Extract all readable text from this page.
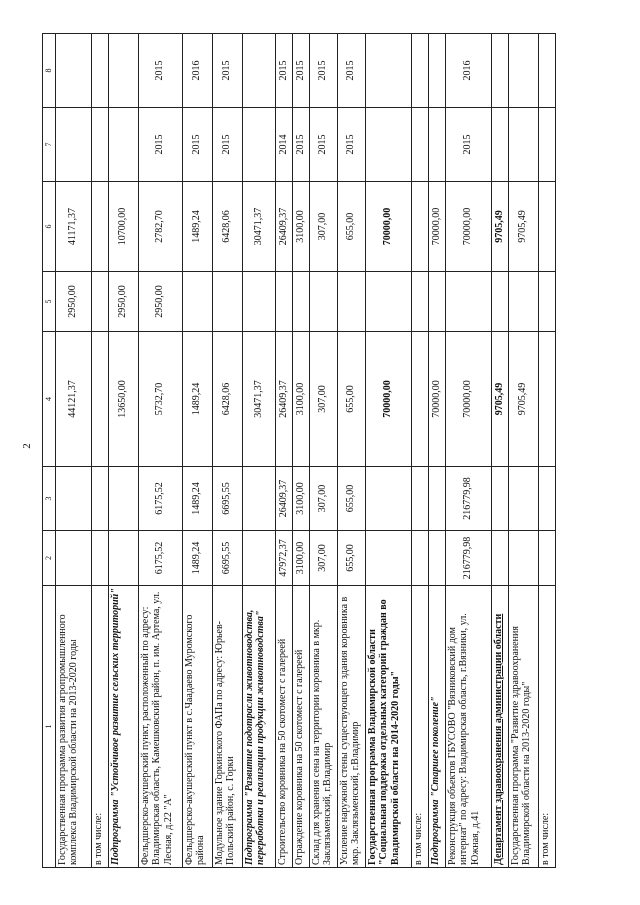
2
1	2	3	4	5	6	7	8
Государственная программа развития агропромышленного комплекса Владимирской области на 2013-2020 годы			44121,37	2950,00	41171,37		
в том числе:							
Подпрограмма "Устойчивое развитие сельских территорий"			13650,00	2950,00	10700,00		
Фельдшерско-акушерский пункт, расположенный по адресу: Владимирская область, Камешковский район, п. им. Артема, ул. Лесная, д.22 "А"	6175,52	6175,52	5732,70	2950,00	2782,70	2015	2015
Фельдшерско-акушерский пункт в с.Чаадаево Муромского района	1489,24	1489,24	1489,24		1489,24	2015	2016
Модульное здание Горкинского ФАПа по адресу: Юрьев-Польский район, с. Горки	6695,55	6695,55	6428,06		6428,06	2015	2015
Подпрограмма "Развитие подотрасли животноводства, переработки и реализации продукции животноводства"			30471,37		30471,37		
Строительство коровника на 50 скотомест с галереей	47972,37	26409,37	26409,37		26409,37	2014	2015
Ограждение коровника на 50 скотомест с галереей	3100,00	3100,00	3100,00		3100,00	2015	2015
Склад для хранения сена на территории коровника в мкр. Заклязьменский, г.Владимир	307,00	307,00	307,00		307,00	2015	2015
Усиление наружной стены существующего здания коровника в мкр. Заклязьменский, г.Владимир	655,00	655,00	655,00		655,00	2015	2015
Государственная программа Владимирской области "Социальная поддержка отдельных категорий граждан во Владимирской области на 2014-2020 годы"			70000,00		70000,00		
в том числе:							
Подпрограмма "Старшее поколение"			70000,00		70000,00		
Реконструкция объектов ГБУСОВО "Вязниковский дом интернат" по адресу: Владимирская область, г.Вязники, ул. Южная, д.41	216779,98	216779,98	70000,00		70000,00	2015	2016
Департамент здравоохранения администрации области			9705,49		9705,49		
Государственная программа "Развитие здравоохранения Владимирской области на 2013-2020 годы"			9705,49		9705,49		
в том числе:							
